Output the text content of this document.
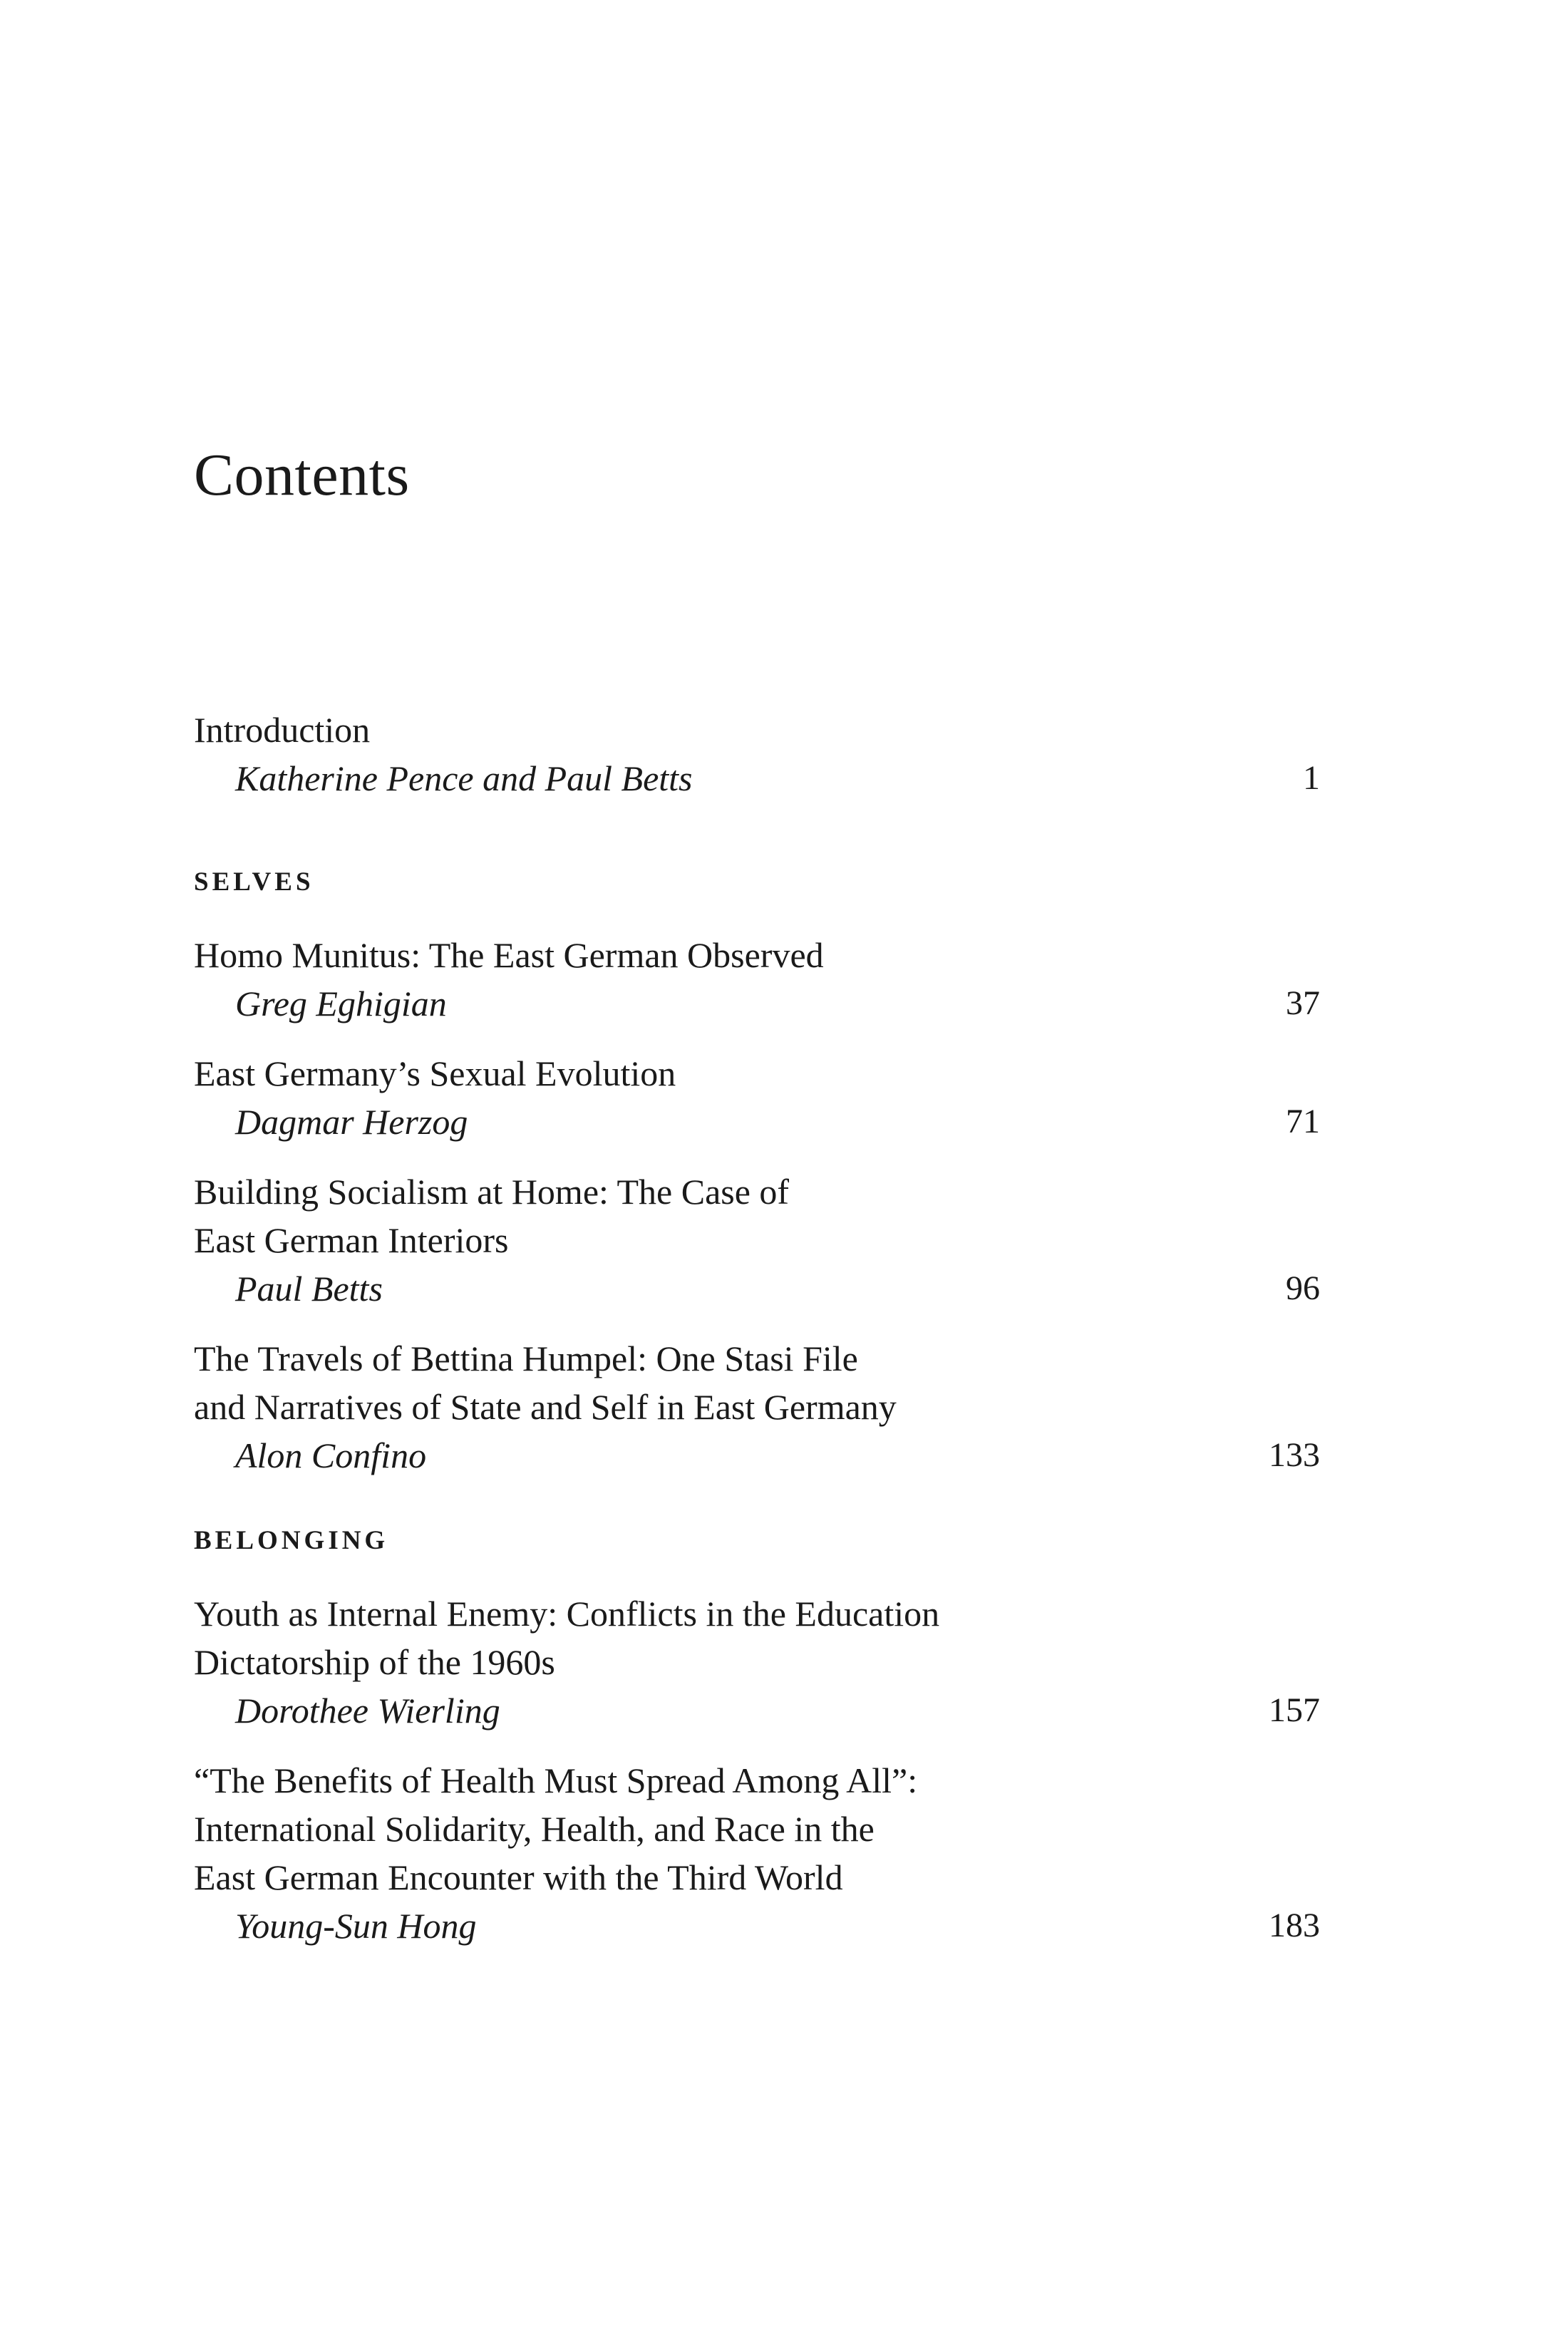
Contents
Introduction
Katherine Pence and Paul Betts	1
SELVES
Homo Munitus: The East German Observed
Greg Eghigian	37
East Germany’s Sexual Evolution
Dagmar Herzog	71
Building Socialism at Home: The Case of
East German Interiors
Paul Betts	96
The Travels of Bettina Humpel: One Stasi File
and Narratives of State and Self in East Germany
Alon Confino	133
BELONGING
Youth as Internal Enemy: Conflicts in the Education
Dictatorship of the 1960s
Dorothee Wierling	157
“The Benefits of Health Must Spread Among All”:
International Solidarity, Health, and Race in the
East German Encounter with the Third World
Young-Sun Hong	183
